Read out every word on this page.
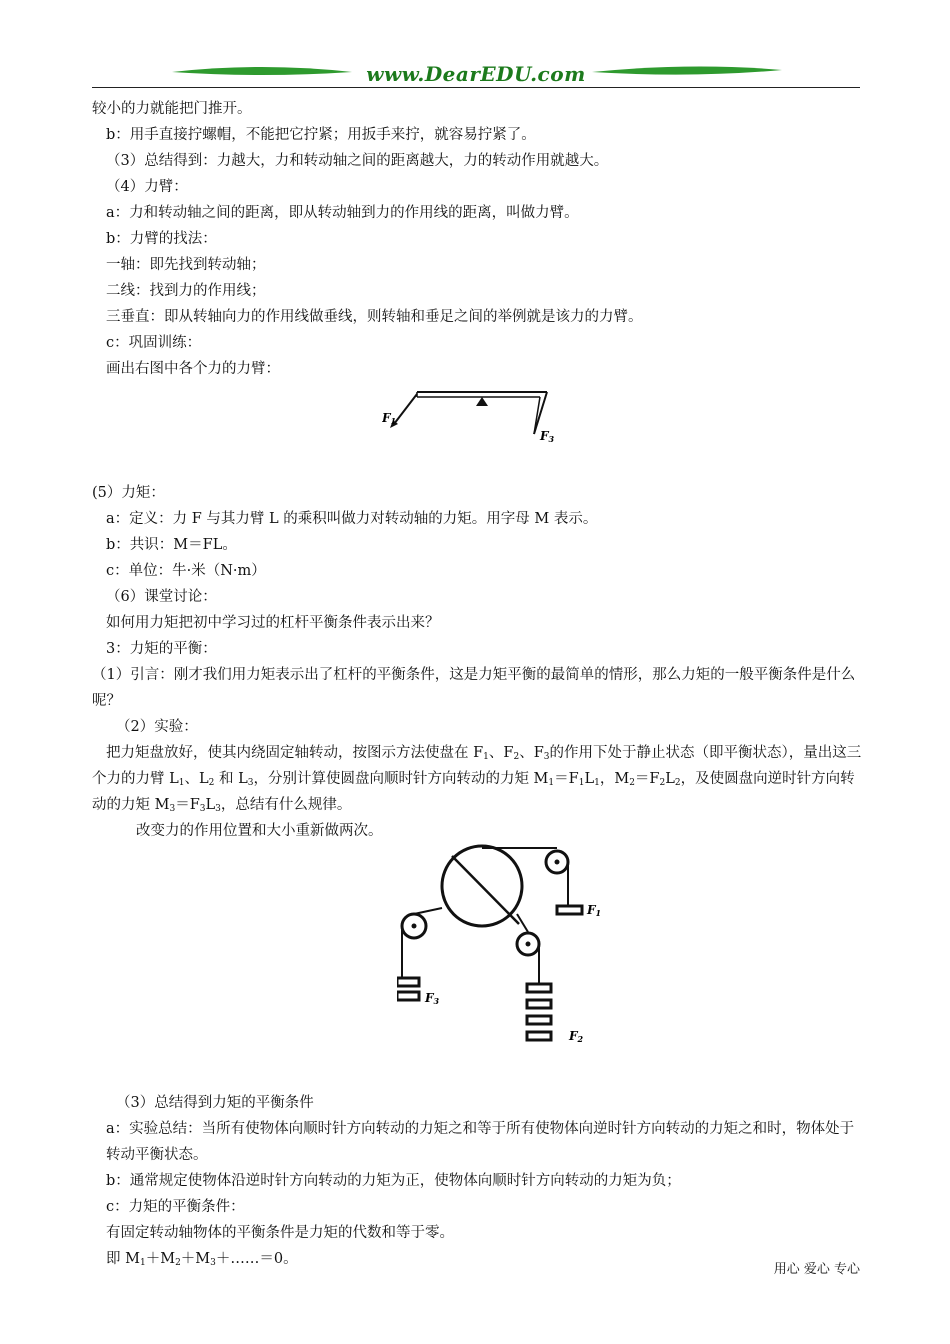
www.DearEDU.com
较小的力就能把门推开。
b：用手直接拧螺帽，不能把它拧紧；用扳手来拧，就容易拧紧了。
（3）总结得到：力越大，力和转动轴之间的距离越大，力的转动作用就越大。
（4）力臂：
a：力和转动轴之间的距离，即从转动轴到力的作用线的距离，叫做力臂。
b：力臂的找法：
一轴：即先找到转动轴；
二线：找到力的作用线；
三垂直：即从转轴向力的作用线做垂线，则转轴和垂足之间的举例就是该力的力臂。
c：巩固训练：
画出右图中各个力的力臂：
F1
F3
(5）力矩：
a：定义：力 F 与其力臂 L 的乘积叫做力对转动轴的力矩。用字母 M 表示。
b：共识：M＝FL。
c：单位：牛·米（N·m）
（6）课堂讨论：
如何用力矩把初中学习过的杠杆平衡条件表示出来？
3：力矩的平衡：
（1）引言：刚才我们用力矩表示出了杠杆的平衡条件，这是力矩平衡的最简单的情形，那么力矩的一般平衡条件是什么呢？
（2）实验：
把力矩盘放好，使其内绕固定轴转动，按图示方法使盘在 $F_1$、$F_2$、$F_3$的作用下处于静止状态（即平衡状态），量出这三个力的力臂 $L_1$、$L_2$ 和 $L_3$，分别计算使圆盘向顺时针方向转动的力矩 $M_1=F_1L_1$，$M_2=F_2L_2$，及使圆盘向逆时针方向转动的力矩 $M_3=F_3L_3$，总结有什么规律。
改变力的作用位置和大小重新做两次。
F1
F3
F2
（3）总结得到力矩的平衡条件
a：实验总结：当所有使物体向顺时针方向转动的力矩之和等于所有使物体向逆时针方向转动的力矩之和时，物体处于转动平衡状态。
b：通常规定使物体沿逆时针方向转动的力矩为正，使物体向顺时针方向转动的力矩为负；
c：力矩的平衡条件：
有固定转动轴物体的平衡条件是力矩的代数和等于零。
即 $M_1+M_2+M_3+\dots\dots=0$。
用心 爱心 专心
